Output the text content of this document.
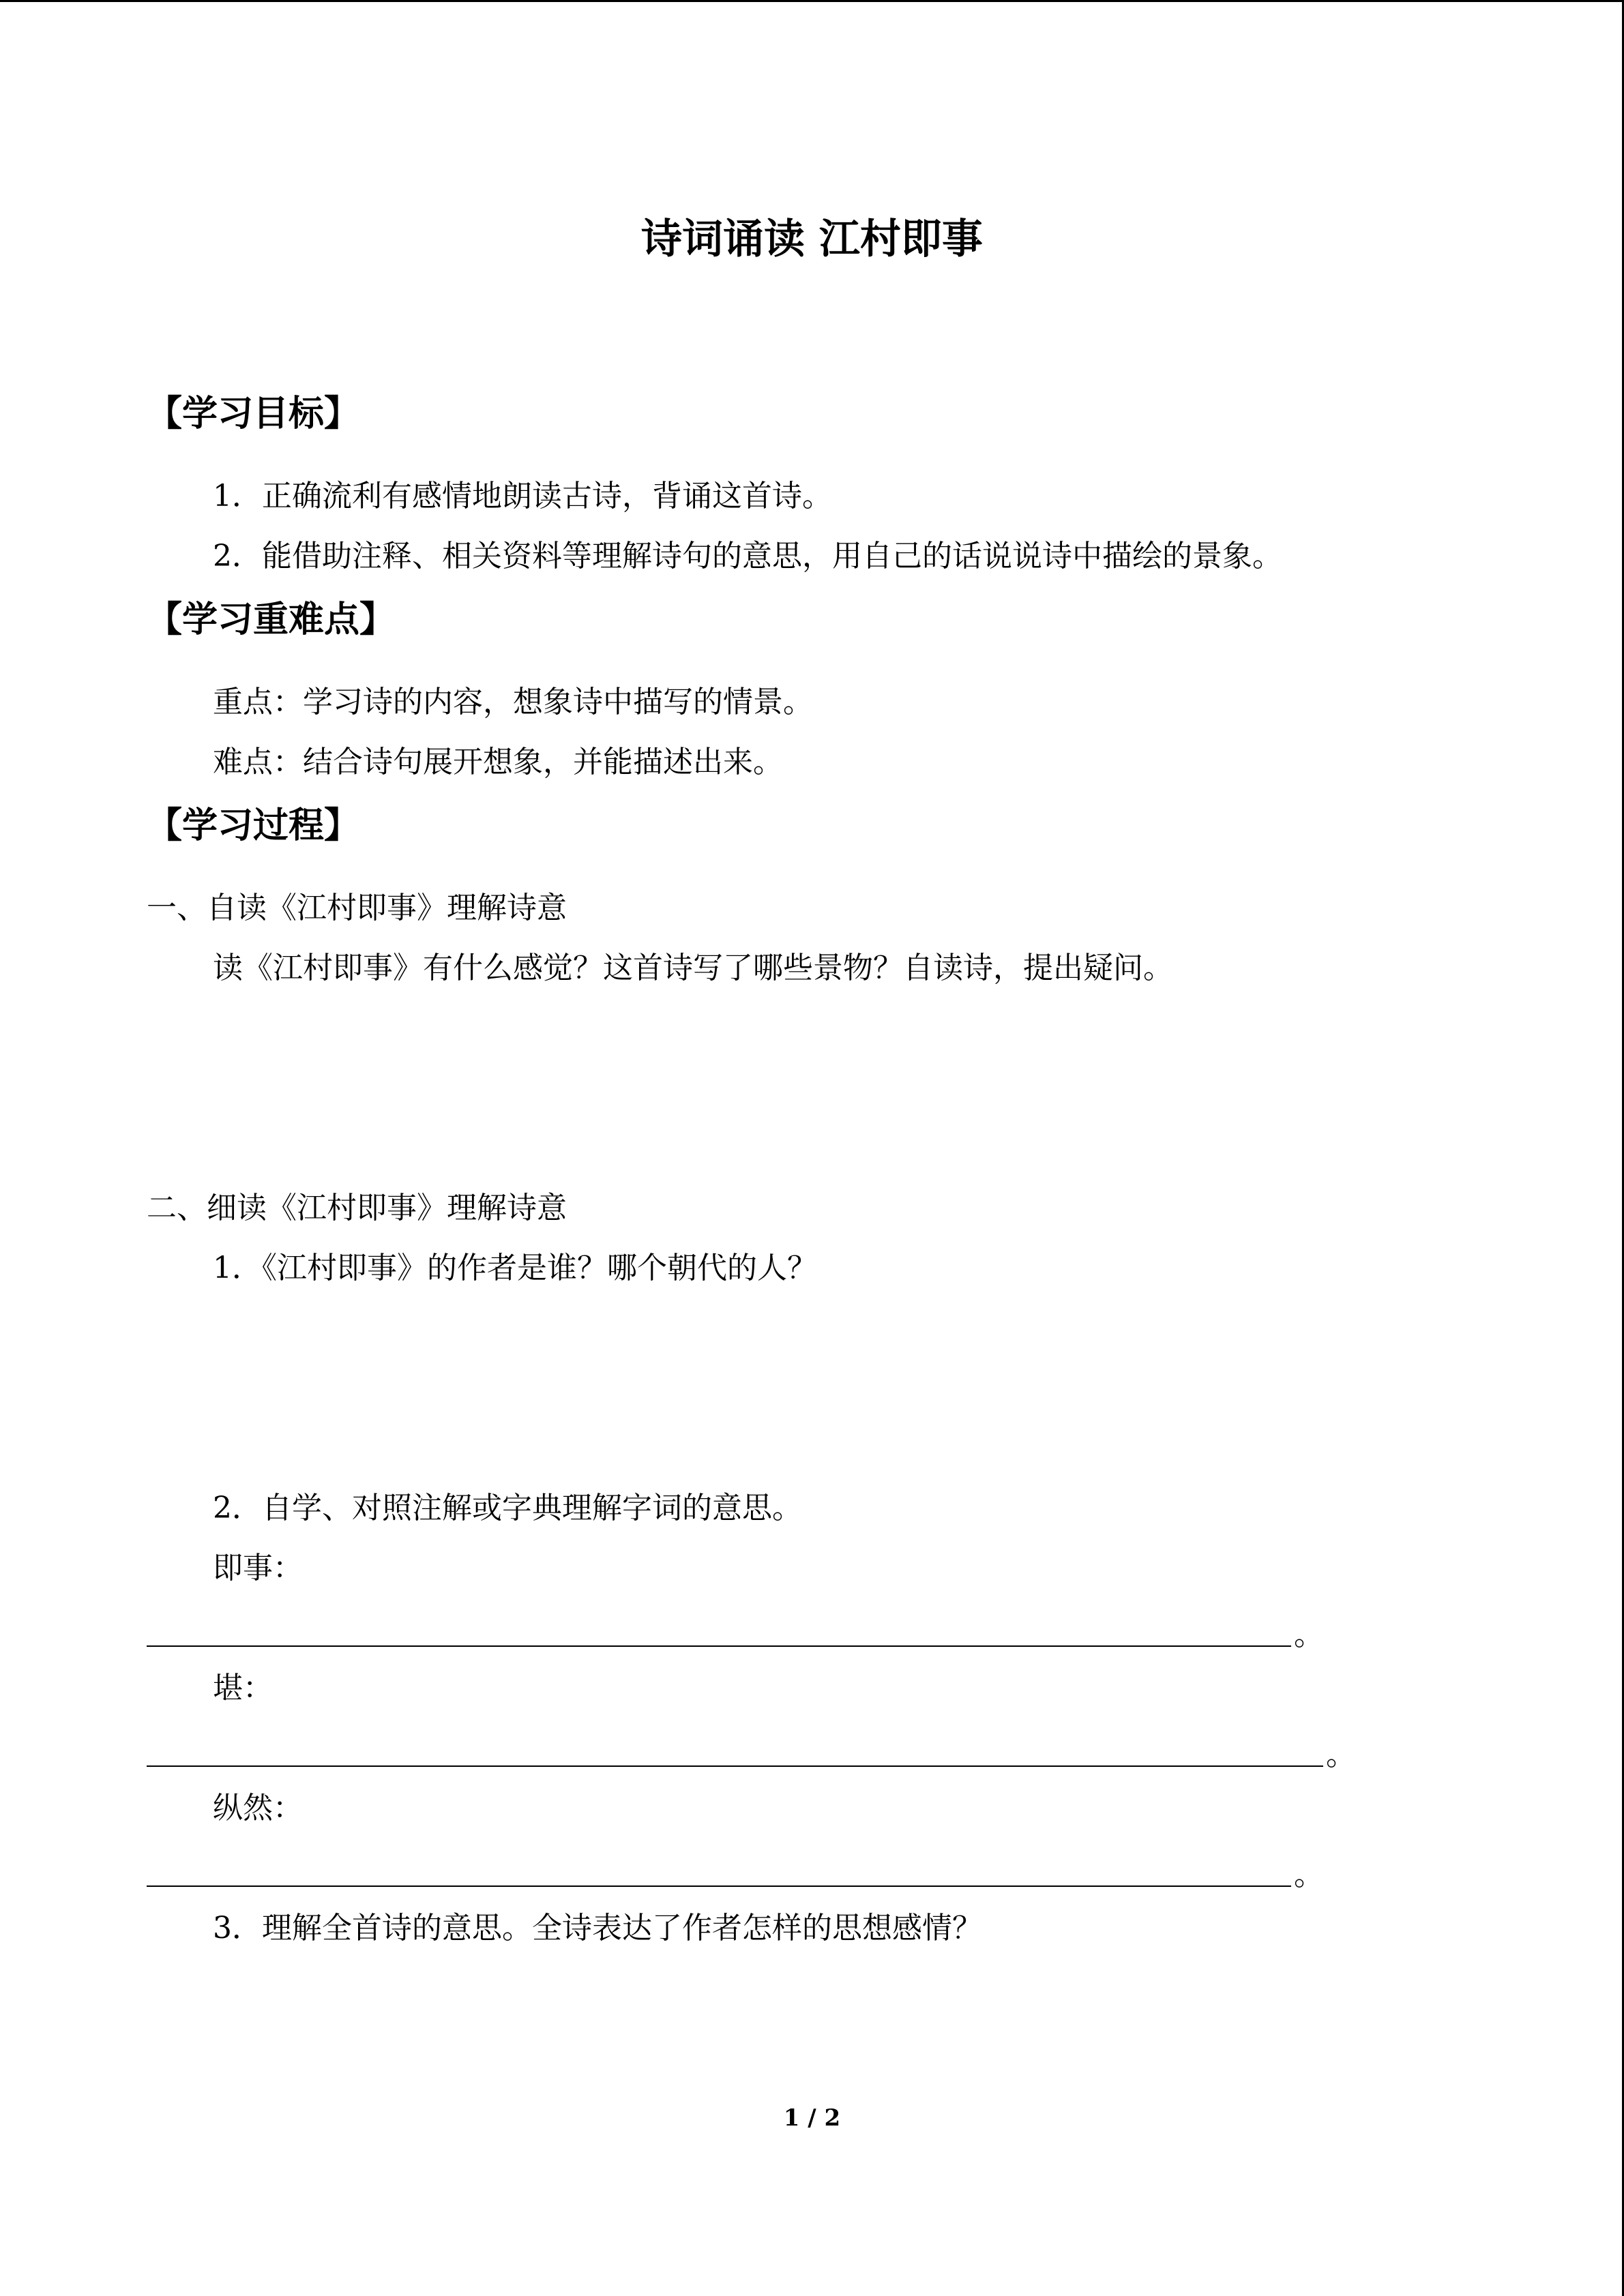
诗词诵读 江村即事
【学习目标】
1．正确流利有感情地朗读古诗，背诵这首诗。
2．能借助注释、相关资料等理解诗句的意思，用自己的话说说诗中描绘的景象。
【学习重难点】
重点：学习诗的内容，想象诗中描写的情景。
难点：结合诗句展开想象，并能描述出来。
【学习过程】
一、自读《江村即事》理解诗意
读《江村即事》有什么感觉？这首诗写了哪些景物？自读诗，提出疑问。
二、细读《江村即事》理解诗意
1．《江村即事》的作者是谁？哪个朝代的人？
2．自学、对照注解或字典理解字词的意思。
即事：
。
堪：
。
纵然：
。
3．理解全首诗的意思。全诗表达了作者怎样的思想感情？
1 / 2
